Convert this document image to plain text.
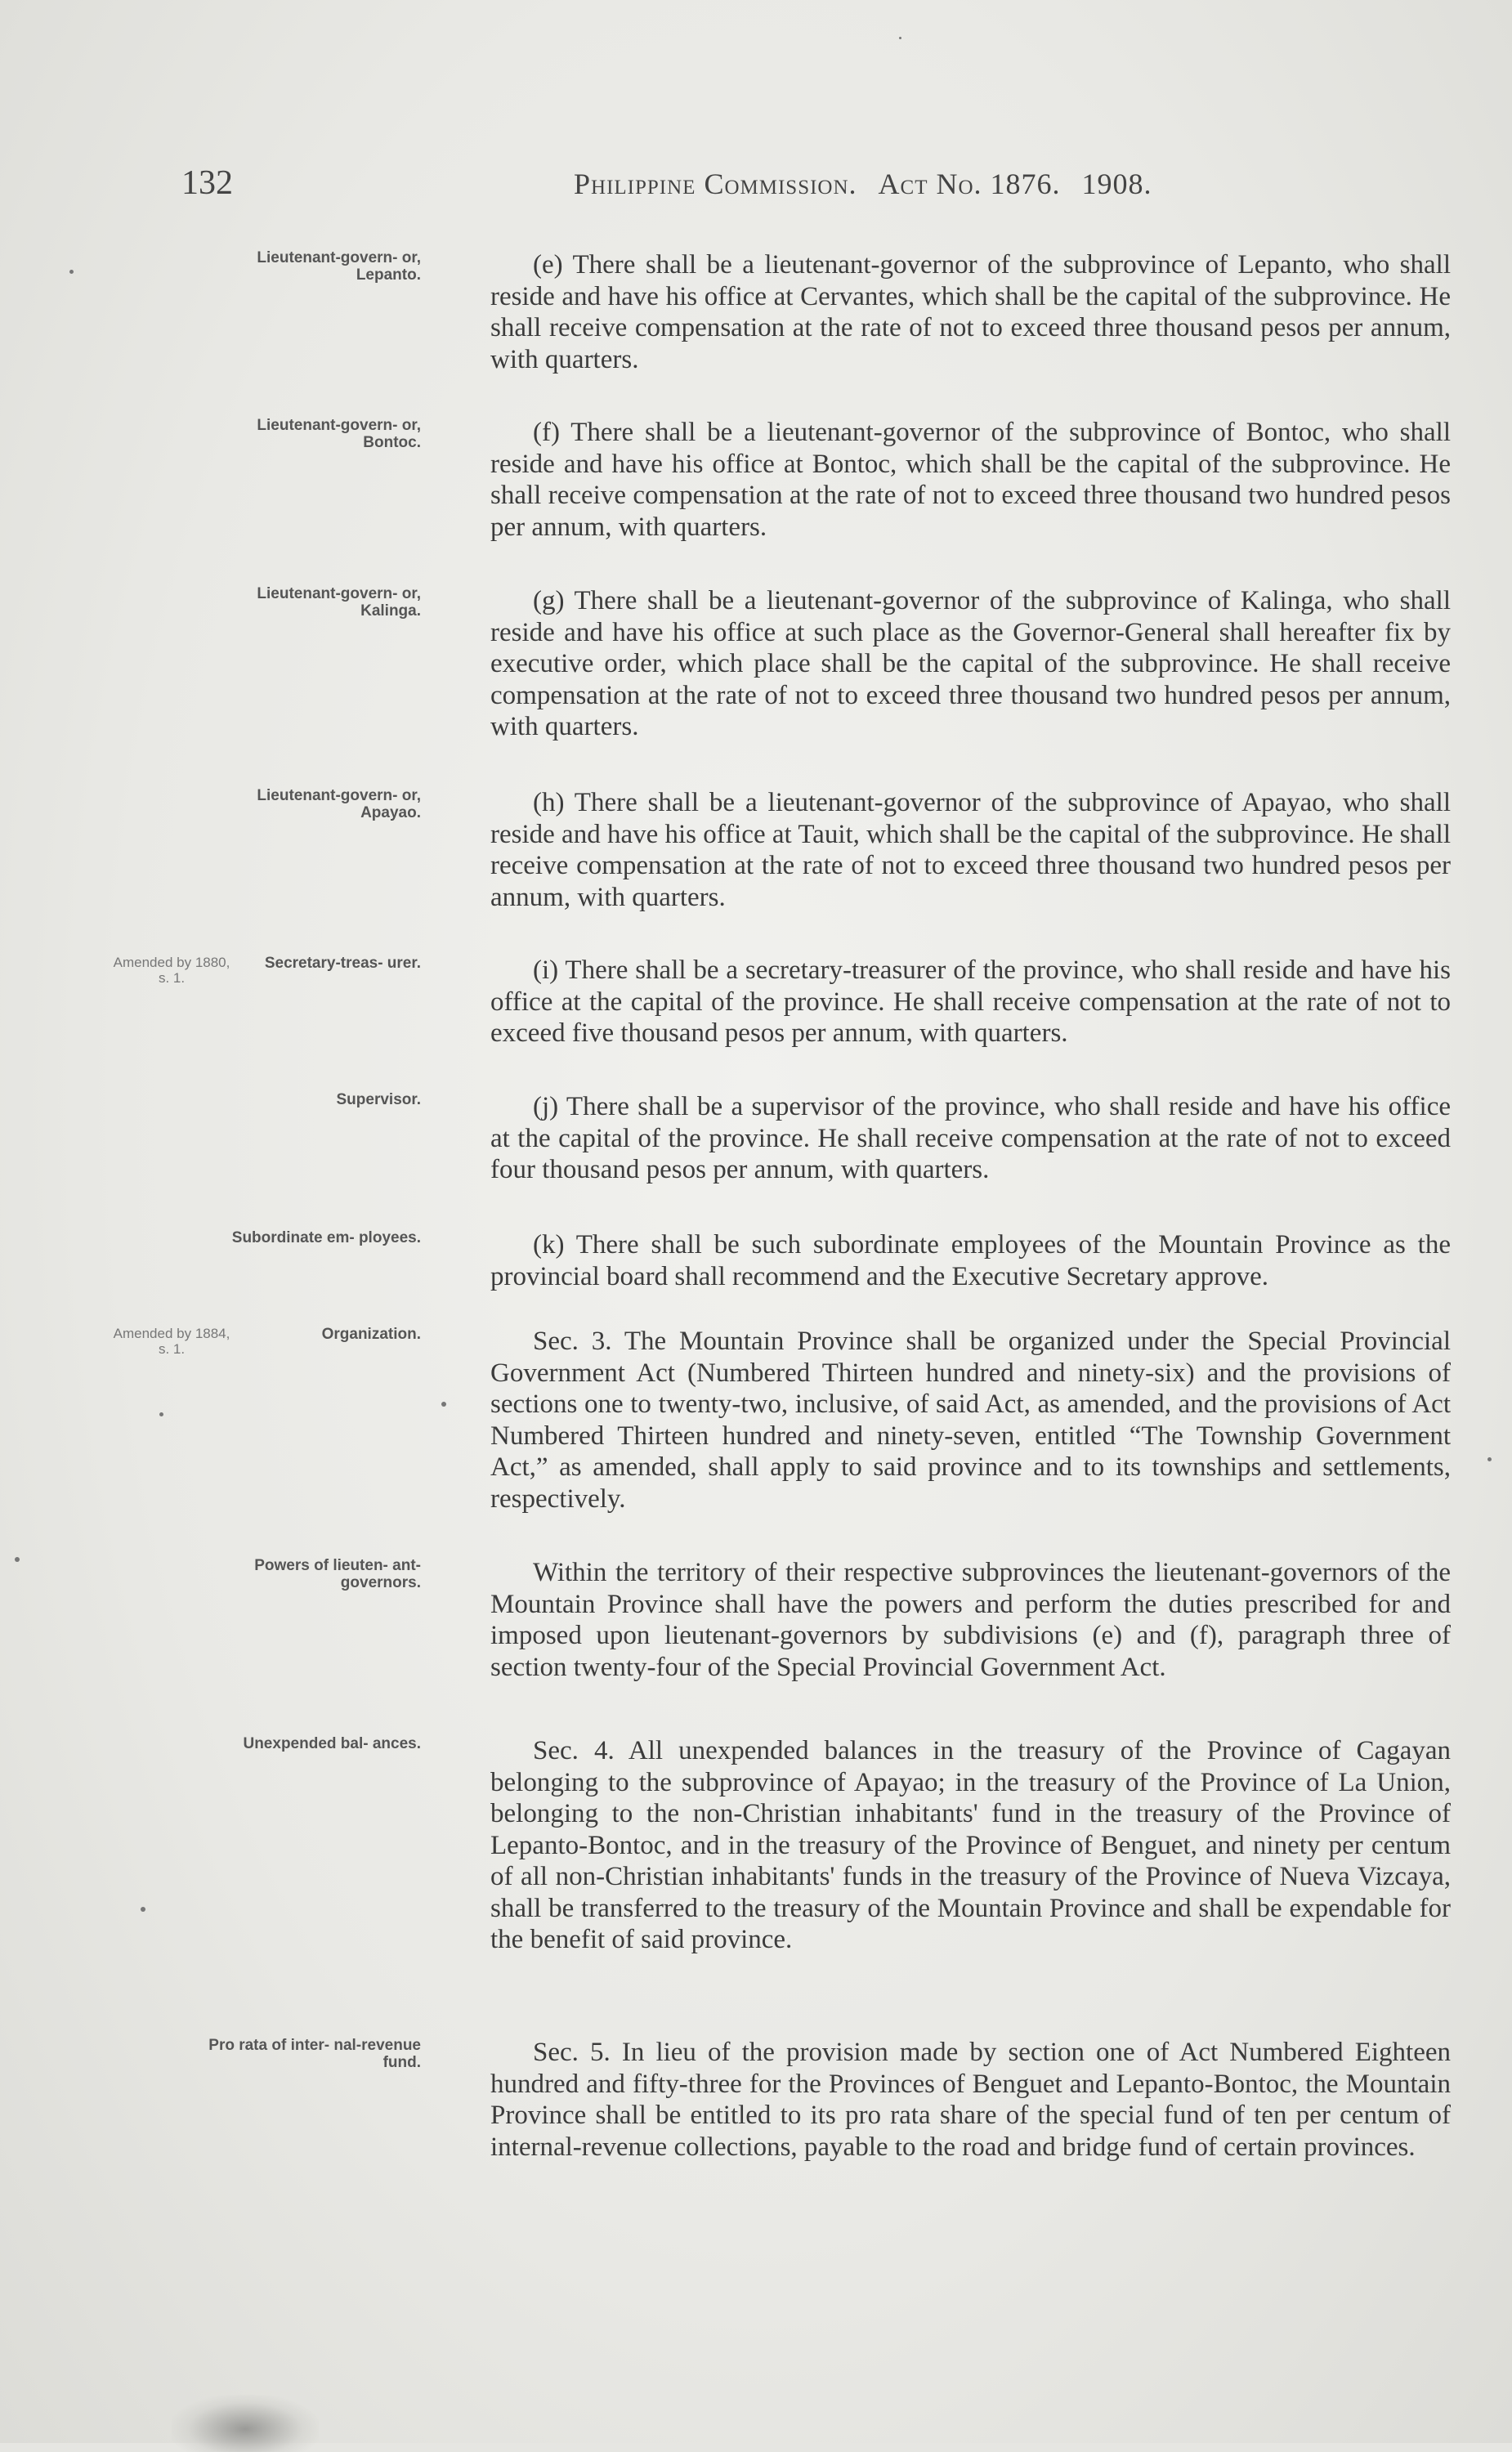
132	Philippine Commission. Act No. 1876. 1908.
Lieutenant-govern- or, Lepanto.	(e) There shall be a lieutenant-governor of the subprovince of Lepanto, who shall reside and have his office at Cervantes, which shall be the capital of the subprovince. He shall receive compensation at the rate of not to exceed three thousand pesos per annum, with quarters.
Lieutenant-govern- or, Bontoc.	(f) There shall be a lieutenant-governor of the subprovince of Bontoc, who shall reside and have his office at Bontoc, which shall be the capital of the subprovince. He shall receive compensation at the rate of not to exceed three thousand two hundred pesos per annum, with quarters.
Lieutenant-govern- or, Kalinga.	(g) There shall be a lieutenant-governor of the subprovince of Kalinga, who shall reside and have his office at such place as the Governor-General shall hereafter fix by executive order, which place shall be the capital of the subprovince. He shall receive compensation at the rate of not to exceed three thousand two hundred pesos per annum, with quarters.
Lieutenant-govern- or, Apayao.	(h) There shall be a lieutenant-governor of the subprovince of Apayao, who shall reside and have his office at Tauit, which shall be the capital of the subprovince. He shall receive compensation at the rate of not to exceed three thousand two hundred pesos per annum, with quarters.
Amended by 1880, s. 1.
Secretary-treas- urer.	(i) There shall be a secretary-treasurer of the province, who shall reside and have his office at the capital of the province. He shall receive compensation at the rate of not to exceed five thousand pesos per annum, with quarters.
Supervisor.	(j) There shall be a supervisor of the province, who shall reside and have his office at the capital of the province. He shall receive compensation at the rate of not to exceed four thousand pesos per annum, with quarters.
Subordinate em- ployees.	(k) There shall be such subordinate employees of the Mountain Province as the provincial board shall recommend and the Executive Secretary approve.
Amended by 1884, s. 1.
Organization.	Sec. 3. The Mountain Province shall be organized under the Special Provincial Government Act (Numbered Thirteen hundred and ninety-six) and the provisions of sections one to twenty-two, inclusive, of said Act, as amended, and the provisions of Act Numbered Thirteen hundred and ninety-seven, entitled “The Township Government Act,” as amended, shall apply to said province and to its townships and settlements, respectively.
Powers of lieuten- ant-governors.	Within the territory of their respective subprovinces the lieutenant-governors of the Mountain Province shall have the powers and perform the duties prescribed for and imposed upon lieutenant-governors by subdivisions (e) and (f), paragraph three of section twenty-four of the Special Provincial Government Act.
Unexpended bal- ances.	Sec. 4. All unexpended balances in the treasury of the Province of Cagayan belonging to the subprovince of Apayao; in the treasury of the Province of La Union, belonging to the non-Christian inhabitants' fund in the treasury of the Province of Lepanto-Bontoc, and in the treasury of the Province of Benguet, and ninety per centum of all non-Christian inhabitants' funds in the treasury of the Province of Nueva Vizcaya, shall be transferred to the treasury of the Mountain Province and shall be expendable for the benefit of said province.
Pro rata of inter- nal-revenue fund.	Sec. 5. In lieu of the provision made by section one of Act Numbered Eighteen hundred and fifty-three for the Provinces of Benguet and Lepanto-Bontoc, the Mountain Province shall be entitled to its pro rata share of the special fund of ten per centum of internal-revenue collections, payable to the road and bridge fund of certain provinces.
